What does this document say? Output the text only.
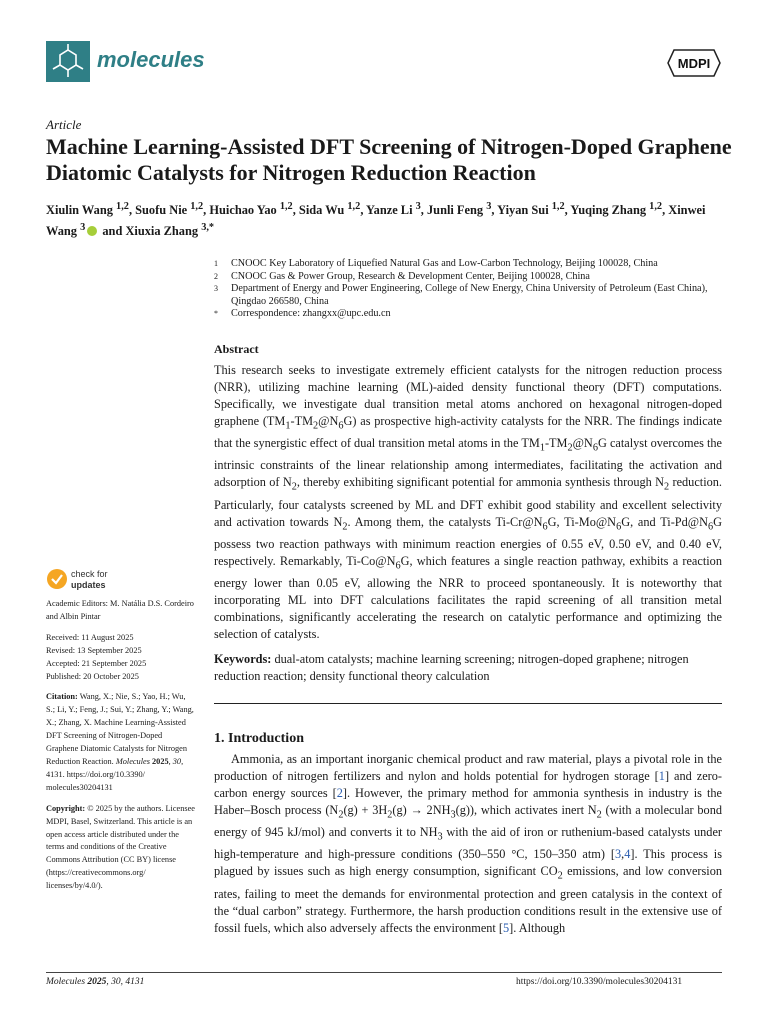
molecules	MDPI
Article
Machine Learning-Assisted DFT Screening of Nitrogen-Doped Graphene Diatomic Catalysts for Nitrogen Reduction Reaction
Xiulin Wang $^{1,2}$, Suofu Nie $^{1,2}$, Huichao Yao $^{1,2}$, Sida Wu $^{1,2}$, Yanze Li $^3$, Junli Feng $^3$, Yiyan Sui $^{1,2}$, Yuqing Zhang $^{1,2}$, Xinwei Wang $^3$ and Xiuxia Zhang $^{3,*}$
1	CNOOC Key Laboratory of Liquefied Natural Gas and Low-Carbon Technology, Beijing 100028, China
2	CNOOC Gas & Power Group, Research & Development Center, Beijing 100028, China
3	Department of Energy and Power Engineering, College of New Energy, China University of Petroleum (East China), Qingdao 266580, China
*	Correspondence: zhangxx@upc.edu.cn
Abstract
This research seeks to investigate extremely efficient catalysts for the nitrogen reduction process (NRR), utilizing machine learning (ML)-aided density functional theory (DFT) computations. Specifically, we investigate dual transition metal atoms anchored on hexagonal nitrogen-doped graphene $(TM_1-TM_2@N_6G)$ as prospective high-activity catalysts for the NRR. The findings indicate that the synergistic effect of dual transition metal atoms in the $TM_1-TM_2@N_6G$ catalyst overcomes the intrinsic constraints of the linear relationship among intermediates, facilitating the activation and adsorption of $N_2$, thereby exhibiting significant potential for ammonia synthesis through $N_2$ reduction. Particularly, four catalysts screened by ML and DFT exhibit good stability and excellent selectivity and activation towards $N_2$. Among them, the catalysts $Ti-Cr@N_6G$, $Ti-Mo@N_6G$, and $Ti-Pd@N_6G$ possess two reaction pathways with minimum reaction energies of 0.55 eV, 0.50 eV, and 0.40 eV, respectively. Remarkably, $Ti-Co@N_6G$, which features a single reaction pathway, exhibits a reaction energy lower than 0.05 eV, allowing the NRR to proceed spontaneously. It is noteworthy that incorporating ML into DFT calculations facilitates the rapid screening of all transition metal combinations, significantly accelerating the research on catalytic performance and optimizing the selection of catalysts.
Keywords: dual-atom catalysts; machine learning screening; nitrogen-doped graphene; nitrogen reduction reaction; density functional theory calculation
1. Introduction
Ammonia, as an important inorganic chemical product and raw material, plays a pivotal role in the production of nitrogen fertilizers and nylon and holds potential for hydrogen storage [1] and zero-carbon energy sources [2]. However, the primary method for ammonia synthesis in industry is the Haber–Bosch process $(N_2(g) + 3H_2(g) \to 2NH_3(g))$, which activates inert $N_2$ (with a molecular bond energy of 945 kJ/mol) and converts it to $NH_3$ with the aid of iron or ruthenium-based catalysts under high-temperature and high-pressure conditions (350–550 °C, 150–350 atm) [3,4]. This process is plagued by issues such as high energy consumption, significant $CO_2$ emissions, and low conversion rates, failing to meet the demands for environmental protection and green catalysis in the context of the “dual carbon” strategy. Furthermore, the harsh production conditions result in the extensive use of fossil fuels, which also adversely affects the environment [5]. Although
check for
updates
Academic Editors: M. Natália D.S. Cordeiro and Albin Pintar
Received: 11 August 2025
Revised: 13 September 2025
Accepted: 21 September 2025
Published: 20 October 2025
Citation: Wang, X.; Nie, S.; Yao, H.; Wu, S.; Li, Y.; Feng, J.; Sui, Y.; Zhang, Y.; Wang, X.; Zhang, X. Machine Learning-Assisted DFT Screening of Nitrogen-Doped Graphene Diatomic Catalysts for Nitrogen Reduction Reaction. Molecules 2025, 30, 4131. https://doi.org/10.3390/ molecules30204131
Copyright: © 2025 by the authors. Licensee MDPI, Basel, Switzerland. This article is an open access article distributed under the terms and conditions of the Creative Commons Attribution (CC BY) license (https://creativecommons.org/ licenses/by/4.0/).
Molecules 2025, 30, 4131	https://doi.org/10.3390/molecules30204131
